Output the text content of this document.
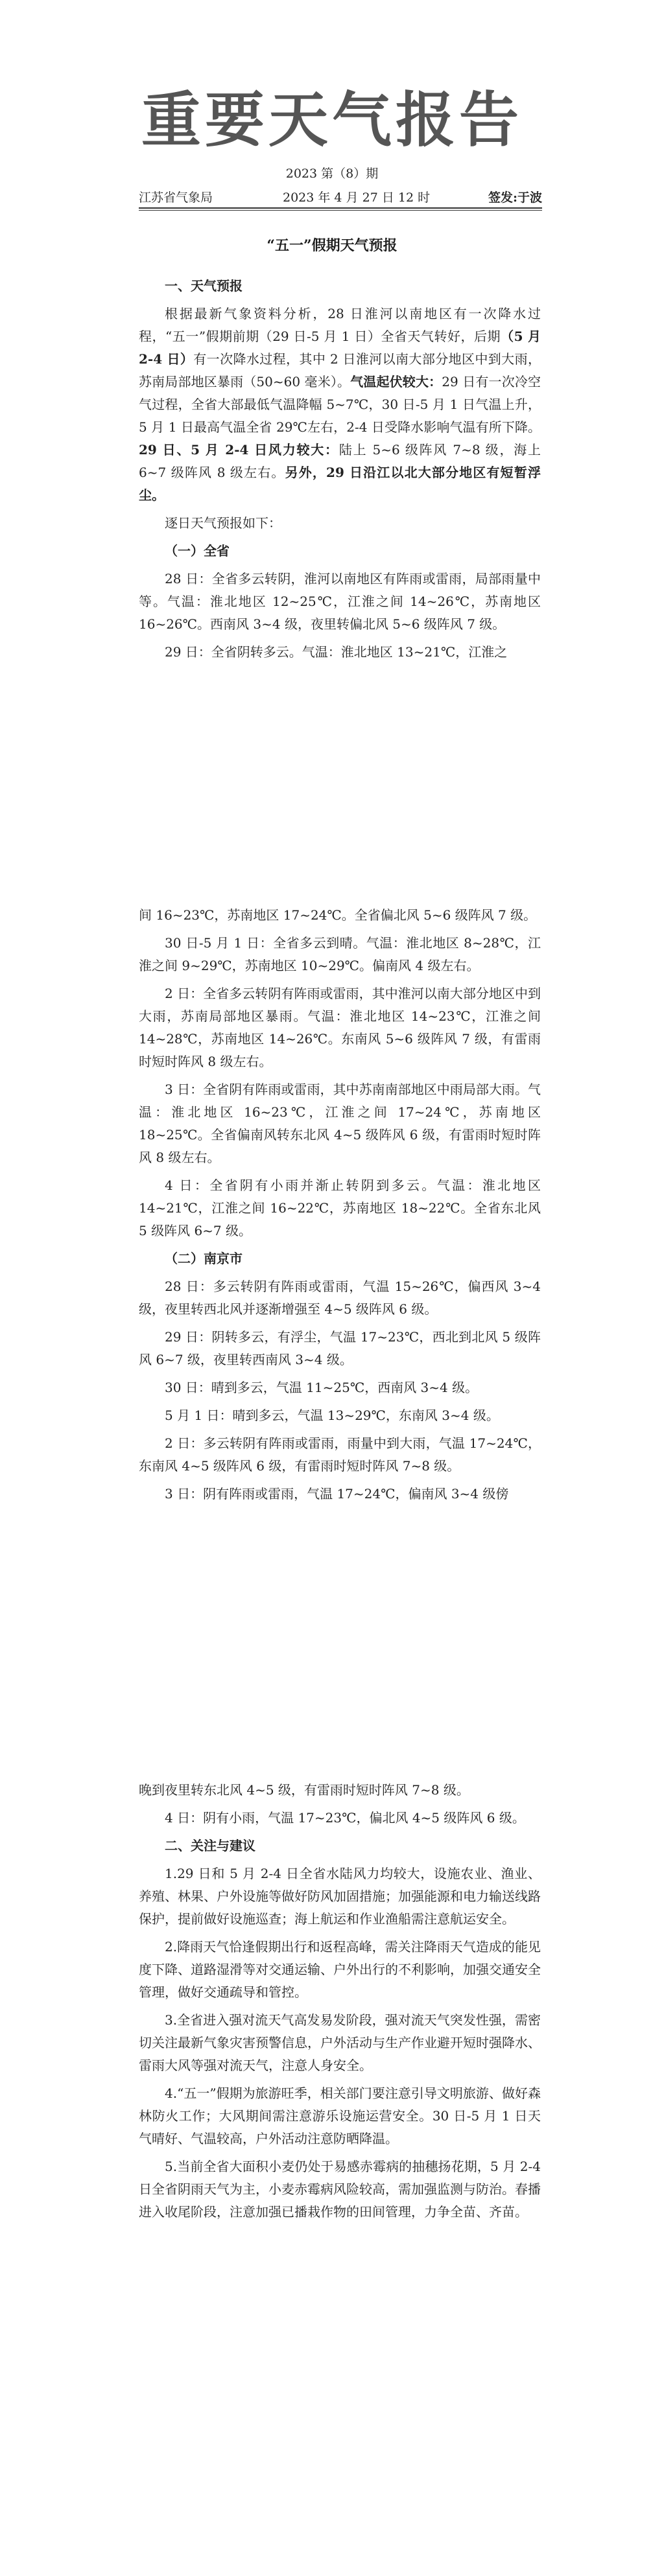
重要天气报告
2023 第（8）期
江苏省气象局	2023 年 4 月 27 日 12 时	签发:于波
“五一”假期天气预报

一、天气预报

根据最新气象资料分析，28 日淮河以南地区有一次降水过程，“五一”假期前期（29 日-5 月 1 日）全省天气转好，后期（5 月 2-4 日）有一次降水过程，其中 2 日淮河以南大部分地区中到大雨，苏南局部地区暴雨（50~60 毫米）。气温起伏较大：29 日有一次冷空气过程，全省大部最低气温降幅 5~7℃，30 日-5 月 1 日气温上升，5 月 1 日最高气温全省 29℃左右，2-4 日受降水影响气温有所下降。29 日、5 月 2-4 日风力较大：陆上 5~6 级阵风 7~8 级，海上 6~7 级阵风 8 级左右。另外，29 日沿江以北大部分地区有短暂浮尘。

逐日天气预报如下：

（一）全省

28 日：全省多云转阴，淮河以南地区有阵雨或雷雨，局部雨量中等。气温：淮北地区 12~25℃，江淮之间 14~26℃，苏南地区 16~26℃。西南风 3~4 级，夜里转偏北风 5~6 级阵风 7 级。

29 日：全省阴转多云。气温：淮北地区 13~21℃，江淮之

间 16~23℃，苏南地区 17~24℃。全省偏北风 5~6 级阵风 7 级。

30 日-5 月 1 日：全省多云到晴。气温：淮北地区 8~28℃，江淮之间 9~29℃，苏南地区 10~29℃。偏南风 4 级左右。

2 日：全省多云转阴有阵雨或雷雨，其中淮河以南大部分地区中到大雨，苏南局部地区暴雨。气温：淮北地区 14~23℃，江淮之间 14~28℃，苏南地区 14~26℃。东南风 5~6 级阵风 7 级，有雷雨时短时阵风 8 级左右。

3 日：全省阴有阵雨或雷雨，其中苏南南部地区中雨局部大雨。气温：淮北地区 16~23℃，江淮之间 17~24℃，苏南地区 18~25℃。全省偏南风转东北风 4~5 级阵风 6 级，有雷雨时短时阵风 8 级左右。

4 日：全省阴有小雨并渐止转阴到多云。气温：淮北地区 14~21℃，江淮之间 16~22℃，苏南地区 18~22℃。全省东北风 5 级阵风 6~7 级。

（二）南京市

28 日：多云转阴有阵雨或雷雨，气温 15~26℃，偏西风 3~4 级，夜里转西北风并逐渐增强至 4~5 级阵风 6 级。

29 日：阴转多云，有浮尘，气温 17~23℃，西北到北风 5 级阵风 6~7 级，夜里转西南风 3~4 级。

30 日：晴到多云，气温 11~25℃，西南风 3~4 级。

5 月 1 日：晴到多云，气温 13~29℃，东南风 3~4 级。

2 日：多云转阴有阵雨或雷雨，雨量中到大雨，气温 17~24℃，东南风 4~5 级阵风 6 级，有雷雨时短时阵风 7~8 级。

3 日：阴有阵雨或雷雨，气温 17~24℃，偏南风 3~4 级傍

晚到夜里转东北风 4~5 级，有雷雨时短时阵风 7~8 级。

4 日：阴有小雨，气温 17~23℃，偏北风 4~5 级阵风 6 级。

二、关注与建议

1.29 日和 5 月 2-4 日全省水陆风力均较大，设施农业、渔业、养殖、林果、户外设施等做好防风加固措施；加强能源和电力输送线路保护，提前做好设施巡查；海上航运和作业渔船需注意航运安全。

2.降雨天气恰逢假期出行和返程高峰，需关注降雨天气造成的能见度下降、道路湿滑等对交通运输、户外出行的不利影响，加强交通安全管理，做好交通疏导和管控。

3.全省进入强对流天气高发易发阶段，强对流天气突发性强，需密切关注最新气象灾害预警信息，户外活动与生产作业避开短时强降水、雷雨大风等强对流天气，注意人身安全。

4.“五一”假期为旅游旺季，相关部门要注意引导文明旅游、做好森林防火工作；大风期间需注意游乐设施运营安全。30 日-5 月 1 日天气晴好、气温较高，户外活动注意防晒降温。

5.当前全省大面积小麦仍处于易感赤霉病的抽穗扬花期，5 月 2-4 日全省阴雨天气为主，小麦赤霉病风险较高，需加强监测与防治。春播进入收尾阶段，注意加强已播栽作物的田间管理，力争全苗、齐苗。
